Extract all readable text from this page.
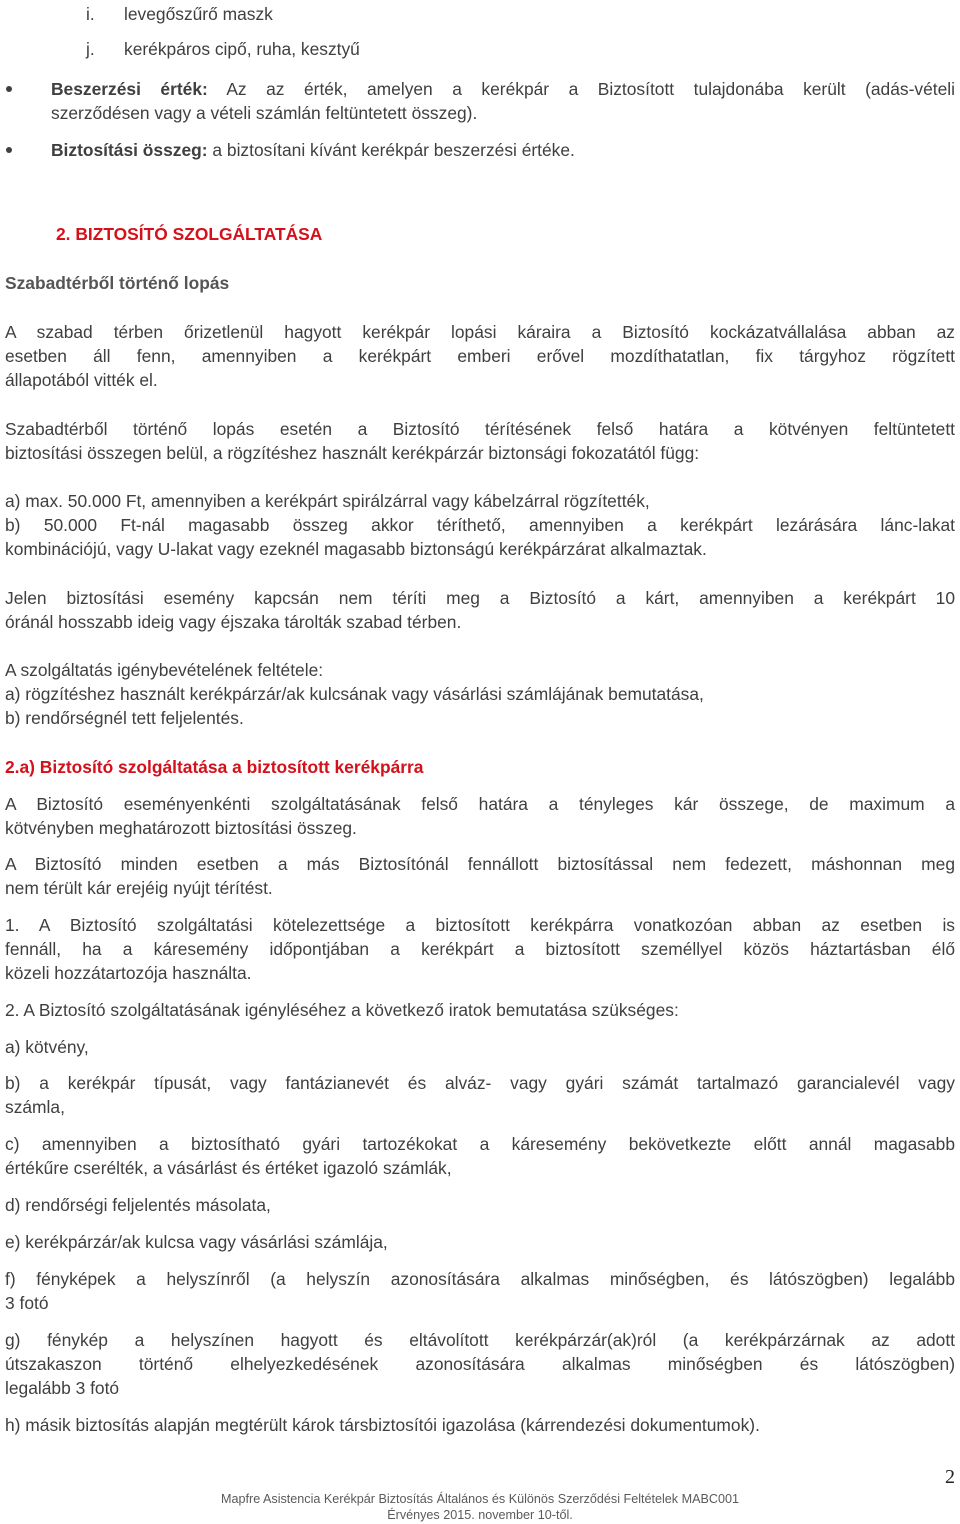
i. levegőszűrő maszk
j. kerékpáros cipő, ruha, kesztyű
Beszerzési érték: Az az érték, amelyen a kerékpár a Biztosított tulajdonába került (adás-vételi
szerződésen vagy a vételi számlán feltüntetett összeg).
Biztosítási összeg: a biztosítani kívánt kerékpár beszerzési értéke.
2. BIZTOSÍTÓ SZOLGÁLTATÁSA
Szabadtérből történő lopás
A szabad térben őrizetlenül hagyott kerékpár lopási káraira a Biztosító kockázatvállalása abban az
esetben áll fenn, amennyiben a kerékpárt emberi erővel mozdíthatatlan, fix tárgyhoz rögzített
állapotából vitték el.
Szabadtérből történő lopás esetén a Biztosító térítésének felső határa a kötvényen feltüntetett
biztosítási összegen belül, a rögzítéshez használt kerékpárzár biztonsági fokozatától függ:
a) max. 50.000 Ft, amennyiben a kerékpárt spirálzárral vagy kábelzárral rögzítették,
b) 50.000 Ft-nál magasabb összeg akkor téríthető, amennyiben a kerékpárt lezárására lánc-lakat
kombinációjú, vagy U-lakat vagy ezeknél magasabb biztonságú kerékpárzárat alkalmaztak.
Jelen biztosítási esemény kapcsán nem téríti meg a Biztosító a kárt, amennyiben a kerékpárt 10
óránál hosszabb ideig vagy éjszaka tárolták szabad térben.
A szolgáltatás igénybevételének feltétele:
a) rögzítéshez használt kerékpárzár/ak kulcsának vagy vásárlási számlájának bemutatása,
b) rendőrségnél tett feljelentés.
2.a) Biztosító szolgáltatása a biztosított kerékpárra
A Biztosító eseményenkénti szolgáltatásának felső határa a tényleges kár összege, de maximum a
kötvényben meghatározott biztosítási összeg.
A Biztosító minden esetben a más Biztosítónál fennállott biztosítással nem fedezett, máshonnan meg
nem térült kár erejéig nyújt térítést.
1. A Biztosító szolgáltatási kötelezettsége a biztosított kerékpárra vonatkozóan abban az esetben is
fennáll, ha a káresemény időpontjában a kerékpárt a biztosított személlyel közös háztartásban élő
közeli hozzátartozója használta.
2. A Biztosító szolgáltatásának igényléséhez a következő iratok bemutatása szükséges:
a) kötvény,
b) a kerékpár típusát, vagy fantázianevét és alváz- vagy gyári számát tartalmazó garancialevél vagy
számla,
c) amennyiben a biztosítható gyári tartozékokat a káresemény bekövetkezte előtt annál magasabb
értékűre cserélték, a vásárlást és értéket igazoló számlák,
d) rendőrségi feljelentés másolata,
e) kerékpárzár/ak kulcsa vagy vásárlási számlája,
f) fényképek a helyszínről (a helyszín azonosítására alkalmas minőségben, és látószögben) legalább
3 fotó
g) fénykép a helyszínen hagyott és eltávolított kerékpárzár(ak)ról (a kerékpárzárnak az adott
útszakaszon történő elhelyezkedésének azonosítására alkalmas minőségben és látószögben)
legalább 3 fotó
h) másik biztosítás alapján megtérült károk társbiztosítói igazolása (kárrendezési dokumentumok).
2
Mapfre Asistencia Kerékpár Biztosítás Általános és Különös Szerződési Feltételek MABC001
Érvényes 2015. november 10-től.
